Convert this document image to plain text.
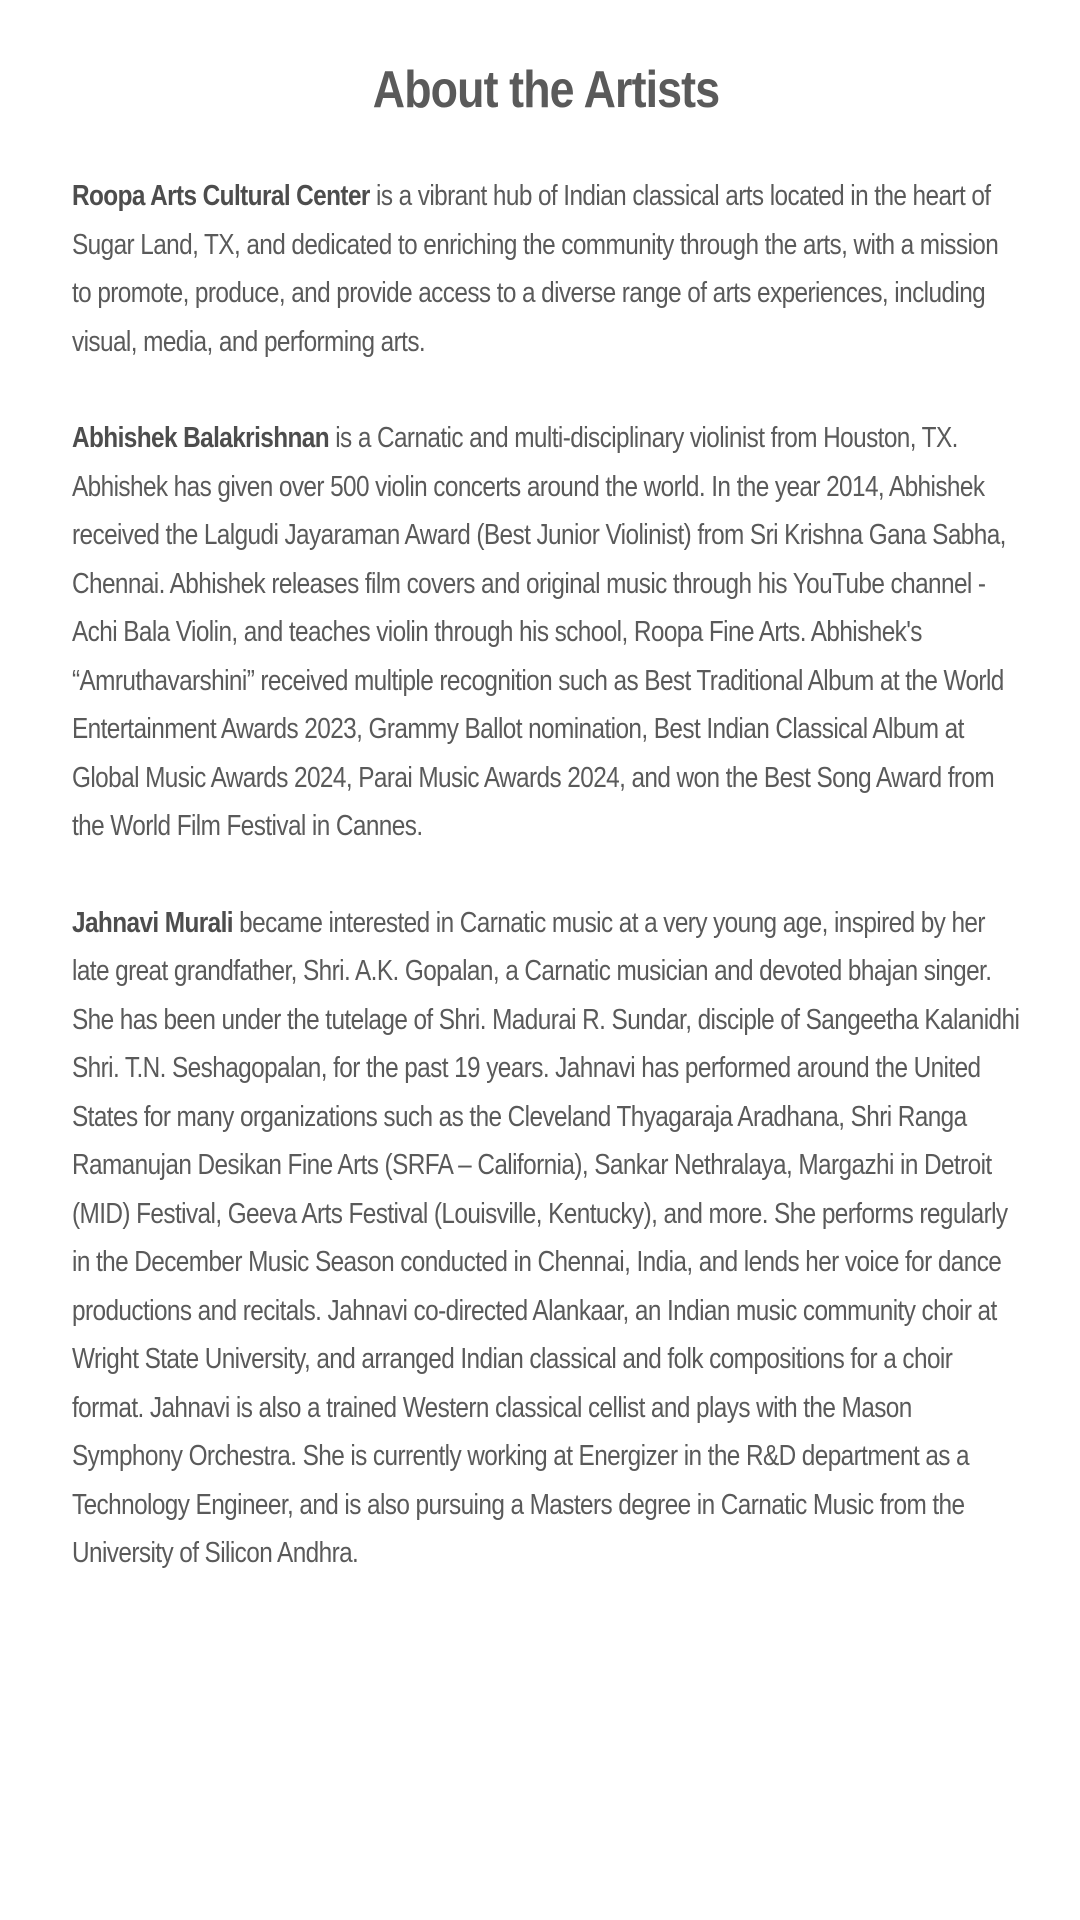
About the Artists

Roopa Arts Cultural Center is a vibrant hub of Indian classical arts located in the heart of Sugar Land, TX, and dedicated to enriching the community through the arts, with a mission to promote, produce, and provide access to a diverse range of arts experiences, including visual, media, and performing arts.

Abhishek Balakrishnan is a Carnatic and multi-disciplinary violinist from Houston, TX. Abhishek has given over 500 violin concerts around the world. In the year 2014, Abhishek received the Lalgudi Jayaraman Award (Best Junior Violinist) from Sri Krishna Gana Sabha, Chennai. Abhishek releases film covers and original music through his YouTube channel - Achi Bala Violin, and teaches violin through his school, Roopa Fine Arts. Abhishek's “Amruthavarshini” received multiple recognition such as Best Traditional Album at the World Entertainment Awards 2023, Grammy Ballot nomination, Best Indian Classical Album at Global Music Awards 2024, Parai Music Awards 2024, and won the Best Song Award from the World Film Festival in Cannes.

Jahnavi Murali became interested in Carnatic music at a very young age, inspired by her late great grandfather, Shri. A.K. Gopalan, a Carnatic musician and devoted bhajan singer. She has been under the tutelage of Shri. Madurai R. Sundar, disciple of Sangeetha Kalanidhi Shri. T.N. Seshagopalan, for the past 19 years. Jahnavi has performed around the United States for many organizations such as the Cleveland Thyagaraja Aradhana, Shri Ranga Ramanujan Desikan Fine Arts (SRFA – California), Sankar Nethralaya, Margazhi in Detroit (MID) Festival, Geeva Arts Festival (Louisville, Kentucky), and more. She performs regularly in the December Music Season conducted in Chennai, India, and lends her voice for dance productions and recitals. Jahnavi co-directed Alankaar, an Indian music community choir at Wright State University, and arranged Indian classical and folk compositions for a choir format. Jahnavi is also a trained Western classical cellist and plays with the Mason Symphony Orchestra. She is currently working at Energizer in the R&D department as a Technology Engineer, and is also pursuing a Masters degree in Carnatic Music from the University of Silicon Andhra.
